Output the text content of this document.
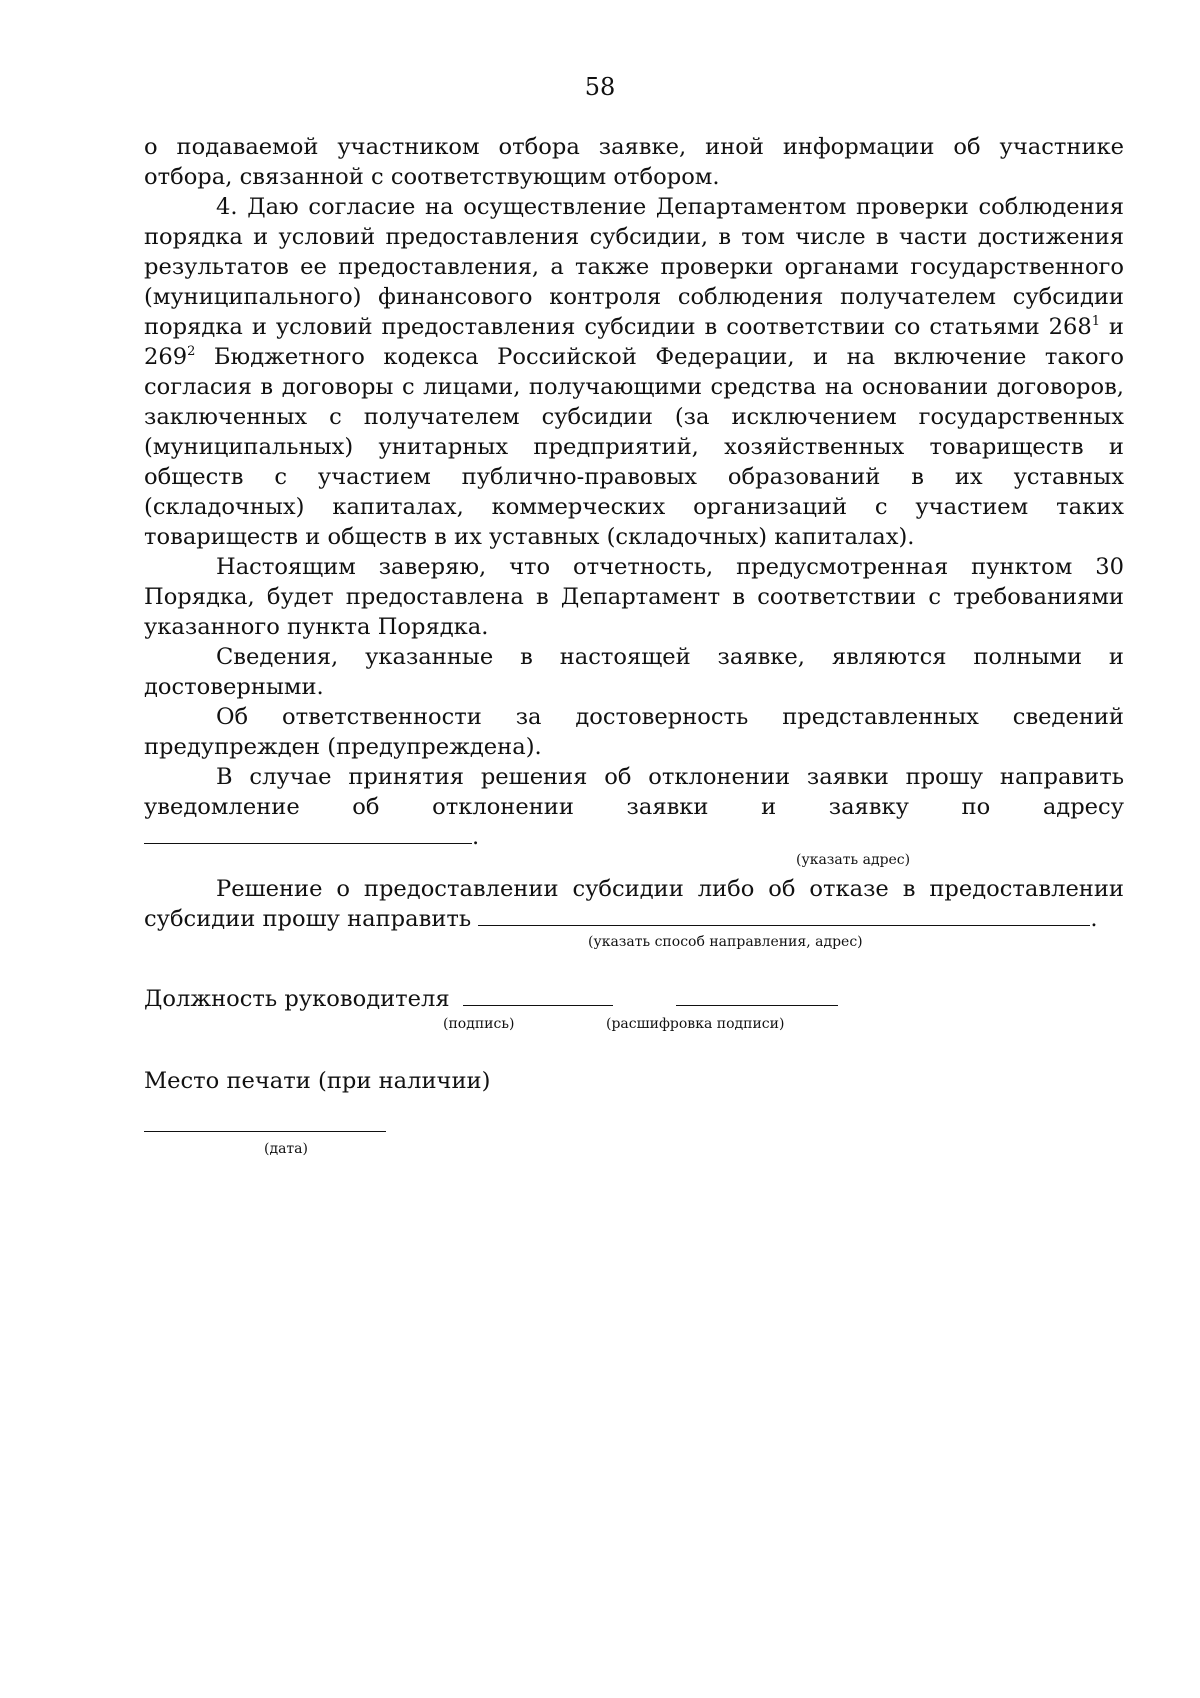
58

о подаваемой участником отбора заявке, иной информации об участнике отбора, связанной с соответствующим отбором.

4. Даю согласие на осуществление Департаментом проверки соблюдения порядка и условий предоставления субсидии, в том числе в части достижения результатов ее предоставления, а также проверки органами государственного (муниципального) финансового контроля соблюдения получателем субсидии порядка и условий предоставления субсидии в соответствии со статьями $268^1$ и $269^2$ Бюджетного кодекса Российской Федерации, и на включение такого согласия в договоры с лицами, получающими средства на основании договоров, заключенных с получателем субсидии (за исключением государственных (муниципальных) унитарных предприятий, хозяйственных товариществ и обществ с участием публично-правовых образований в их уставных (складочных) капиталах, коммерческих организаций с участием таких товариществ и обществ в их уставных (складочных) капиталах).

Настоящим заверяю, что отчетность, предусмотренная пунктом 30 Порядка, будет предоставлена в Департамент в соответствии с требованиями указанного пункта Порядка.

Сведения, указанные в настоящей заявке, являются полными и достоверными.

Об ответственности за достоверность представленных сведений предупрежден (предупреждена).

В случае принятия решения об отклонении заявки прошу направить уведомление об отклонении заявки и заявку по адресу .

(указать адрес)

Решение о предоставлении субсидии либо об отказе в предоставлении субсидии прошу направить	.

(указать способ направления, адрес)
Должность руководителя
(подпись)	(расшифровка подписи)
Место печати (при наличии)
(дата)
